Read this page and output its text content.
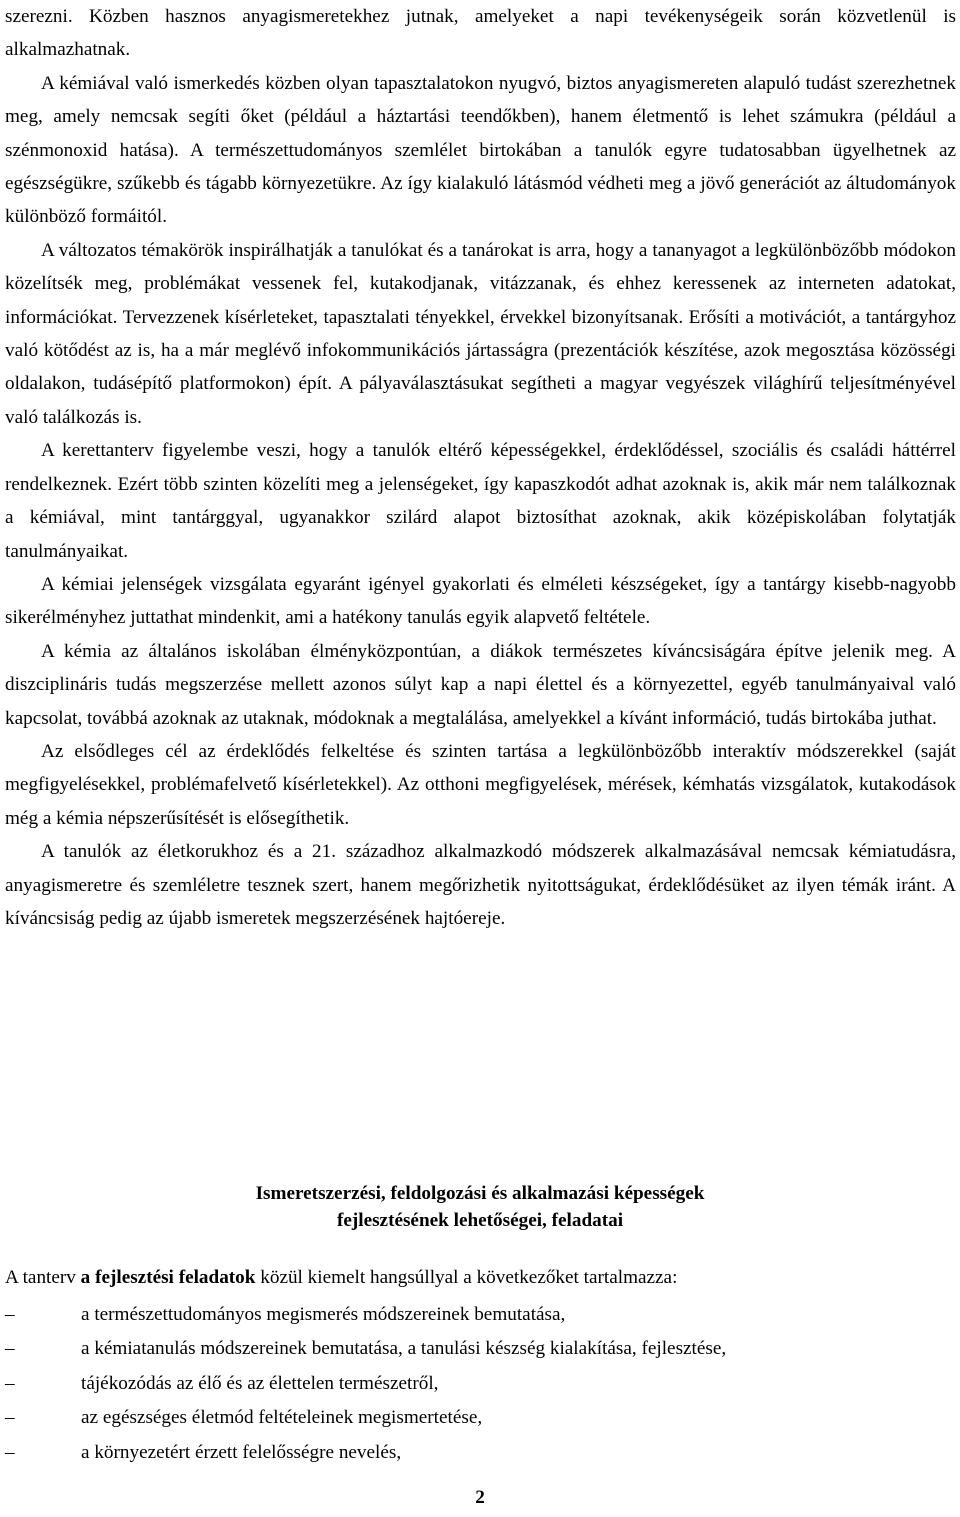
szerezni. Közben hasznos anyagismeretekhez jutnak, amelyeket a napi tevékenységeik során közvetlenül is alkalmazhatnak.

A kémiával való ismerkedés közben olyan tapasztalatokon nyugvó, biztos anyagismereten alapuló tudást szerezhetnek meg, amely nemcsak segíti őket (például a háztartási teendőkben), hanem életmentő is lehet számukra (például a szénmonoxid hatása). A természettudományos szemlélet birtokában a tanulók egyre tudatosabban ügyelhetnek az egészségükre, szűkebb és tágabb környezetükre. Az így kialakuló látásmód védheti meg a jövő generációt az áltudományok különböző formáitól.

A változatos témakörök inspirálhatják a tanulókat és a tanárokat is arra, hogy a tananyagot a legkülönbözőbb módokon közelítsék meg, problémákat vessenek fel, kutakodjanak, vitázzanak, és ehhez keressenek az interneten adatokat, információkat. Tervezzenek kísérleteket, tapasztalati tényekkel, érvekkel bizonyítsanak. Erősíti a motivációt, a tantárgyhoz való kötődést az is, ha a már meglévő infokommunikációs jártasságra (prezentációk készítése, azok megosztása közösségi oldalakon, tudásépítő platformokon) épít. A pályaválasztásukat segítheti a magyar vegyészek világhírű teljesítményével való találkozás is.

A kerettanterv figyelembe veszi, hogy a tanulók eltérő képességekkel, érdeklődéssel, szociális és családi háttérrel rendelkeznek. Ezért több szinten közelíti meg a jelenségeket, így kapaszkodót adhat azoknak is, akik már nem találkoznak a kémiával, mint tantárggyal, ugyanakkor szilárd alapot biztosíthat azoknak, akik középiskolában folytatják tanulmányaikat.

A kémiai jelenségek vizsgálata egyaránt igényel gyakorlati és elméleti készségeket, így a tantárgy kisebb-nagyobb sikerélményhez juttathat mindenkit, ami a hatékony tanulás egyik alapvető feltétele.

A kémia az általános iskolában élményközpontúan, a diákok természetes kíváncsiságára építve jelenik meg. A diszciplináris tudás megszerzése mellett azonos súlyt kap a napi élettel és a környezettel, egyéb tanulmányaival való kapcsolat, továbbá azoknak az utaknak, módoknak a megtalálása, amelyekkel a kívánt információ, tudás birtokába juthat.

Az elsődleges cél az érdeklődés felkeltése és szinten tartása a legkülönbözőbb interaktív módszerekkel (saját megfigyelésekkel, problémafelvető kísérletekkel). Az otthoni megfigyelések, mérések, kémhatás vizsgálatok, kutakodások még a kémia népszerűsítését is elősegíthetik.

A tanulók az életkorukhoz és a 21. századhoz alkalmazkodó módszerek alkalmazásával nemcsak kémiatudásra, anyagismeretre és szemléletre tesznek szert, hanem megőrizhetik nyitottságukat, érdeklődésüket az ilyen témák iránt. A kíváncsiság pedig az újabb ismeretek megszerzésének hajtóereje.

Ismeretszerzési, feldolgozási és alkalmazási képességek
fejlesztésének lehetőségei, feladatai

A tanterv a fejlesztési feladatok közül kiemelt hangsúllyal a következőket tartalmazza:

–	a természettudományos megismerés módszereinek bemutatása,
–	a kémiatanulás módszereinek bemutatása, a tanulási készség kialakítása, fejlesztése,
–	tájékozódás az élő és az élettelen természetről,
–	az egészséges életmód feltételeinek megismertetése,
–	a környezetért érzett felelősségre nevelés,
2
